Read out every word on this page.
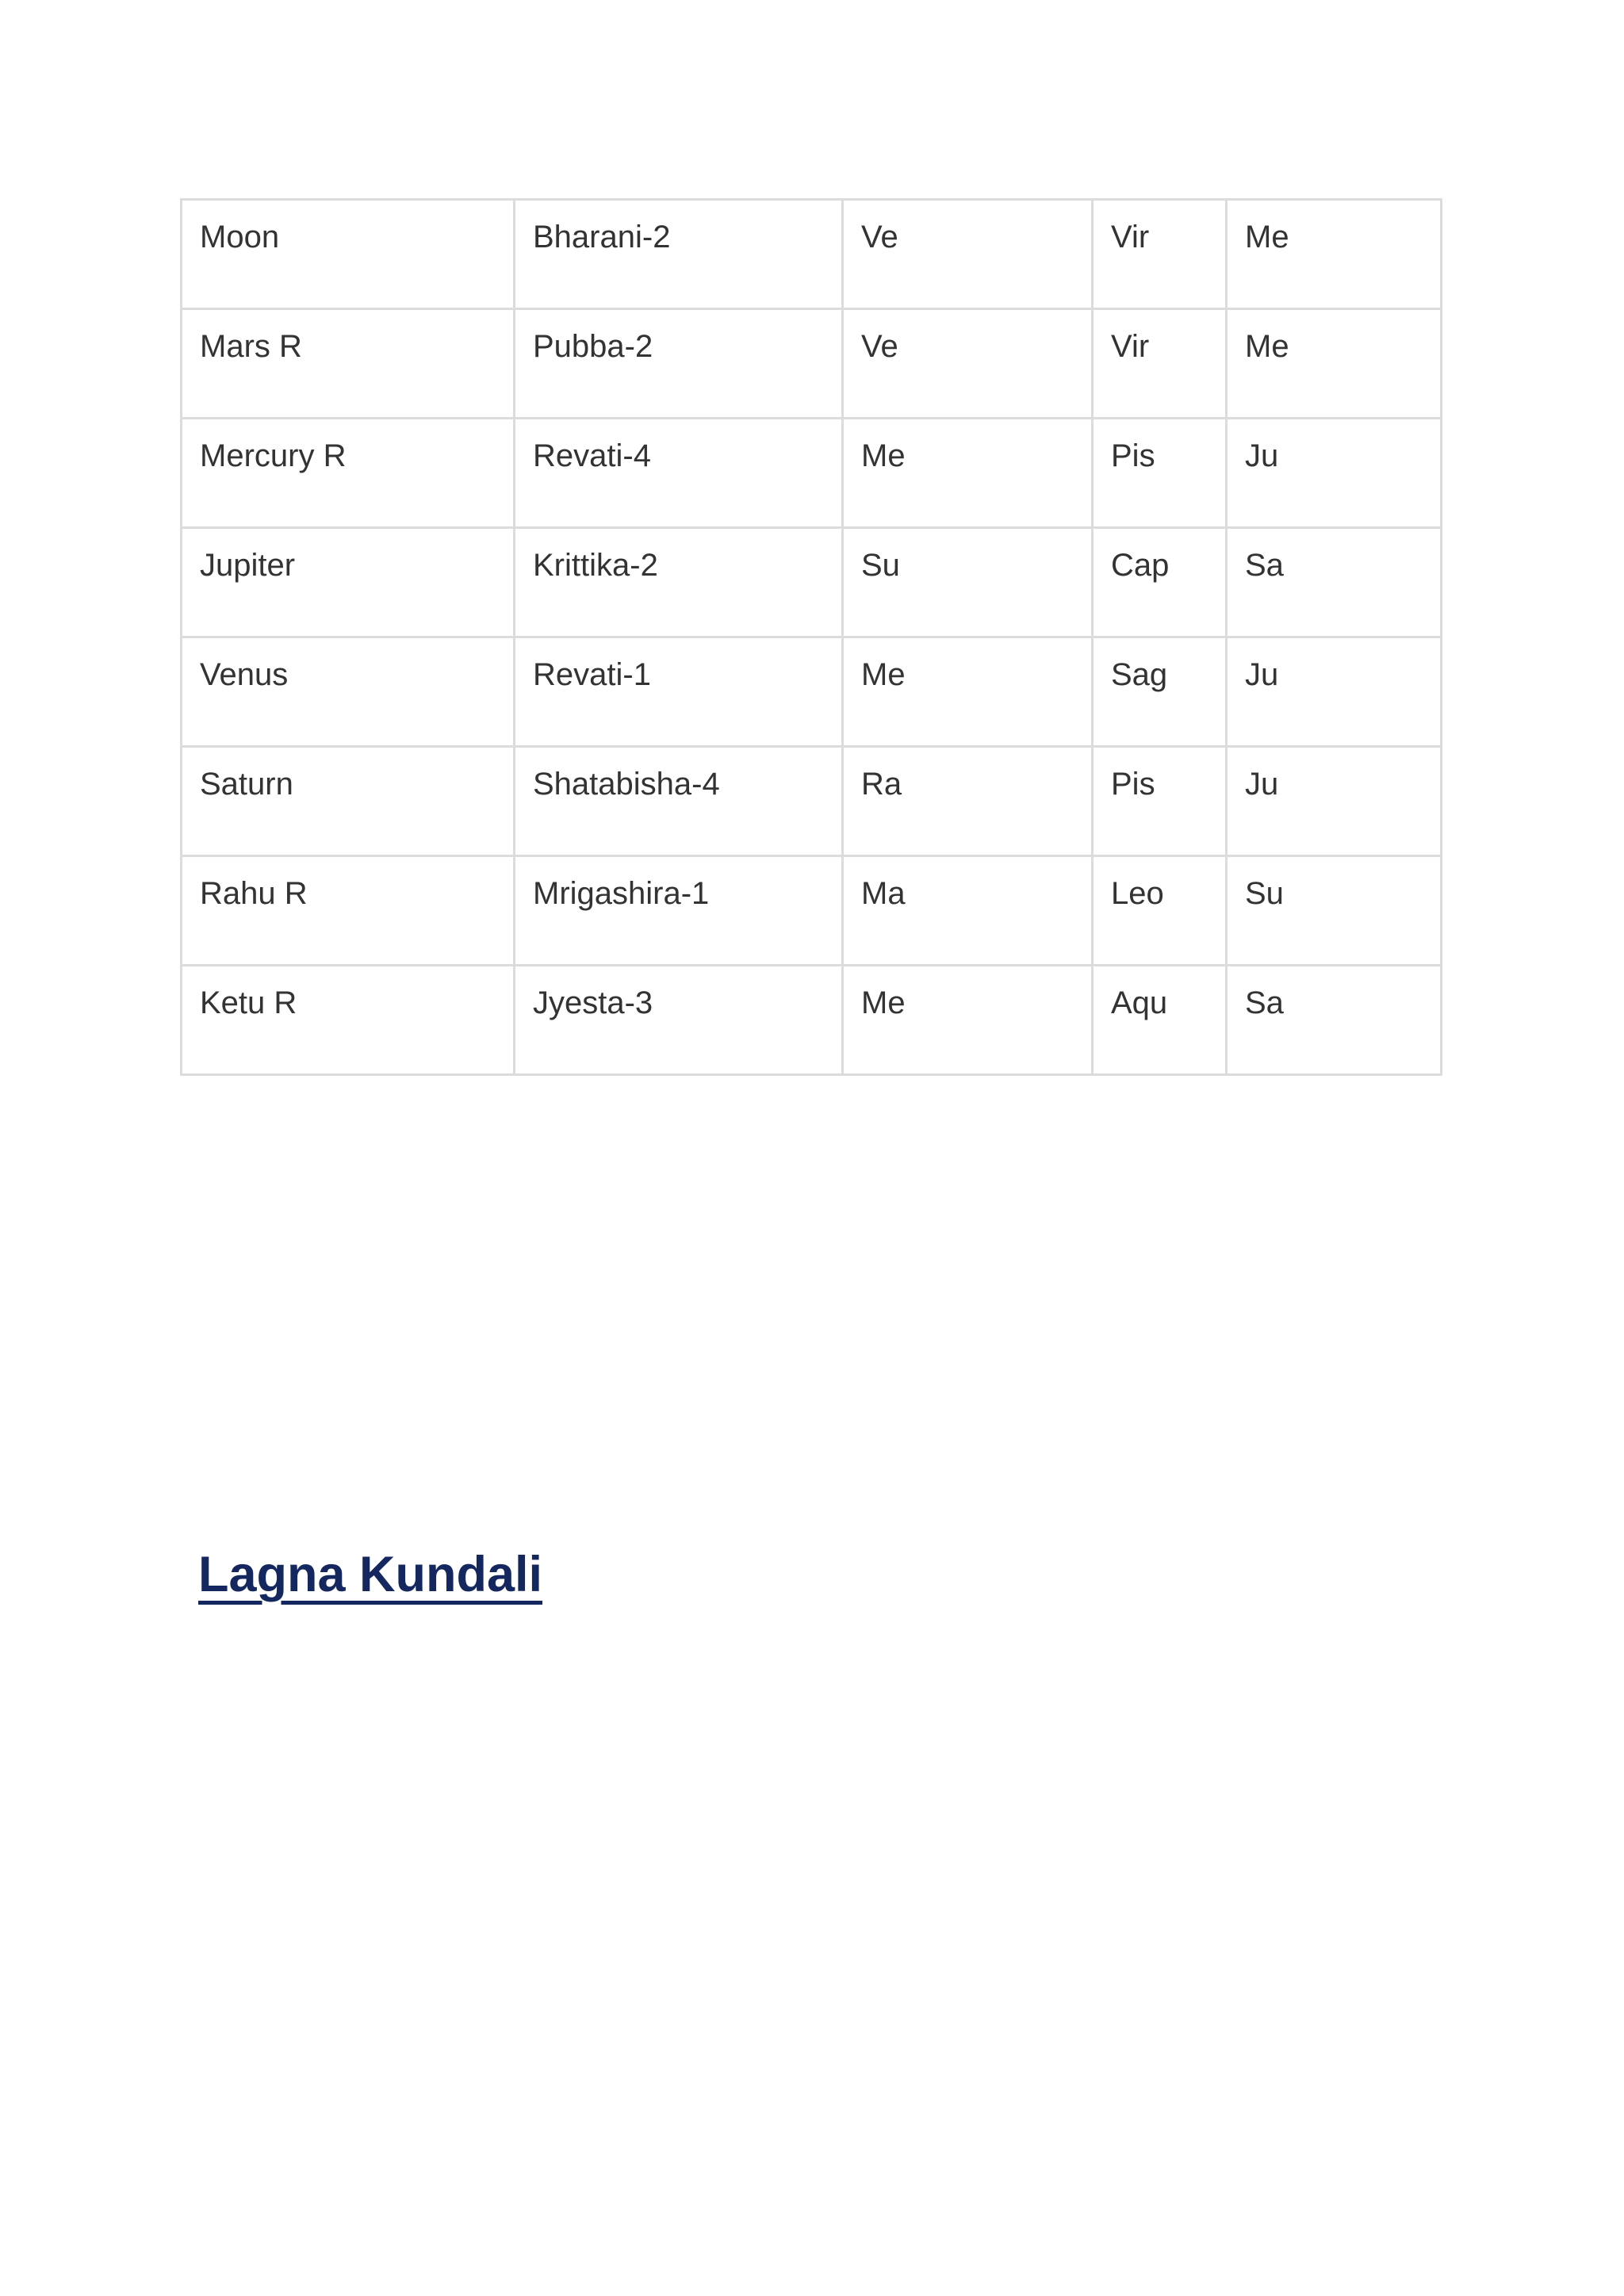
Moon	Bharani-2	Ve	Vir	Me

Mars R	Pubba-2	Ve	Vir	Me

Mercury R	Revati-4	Me	Pis	Ju

Jupiter	Krittika-2	Su	Cap	Sa

Venus	Revati-1	Me	Sag	Ju

Saturn	Shatabisha-4	Ra	Pis	Ju

Rahu R	Mrigashira-1	Ma	Leo	Su

Ketu R	Jyesta-3	Me	Aqu	Sa
Lagna Kundali
